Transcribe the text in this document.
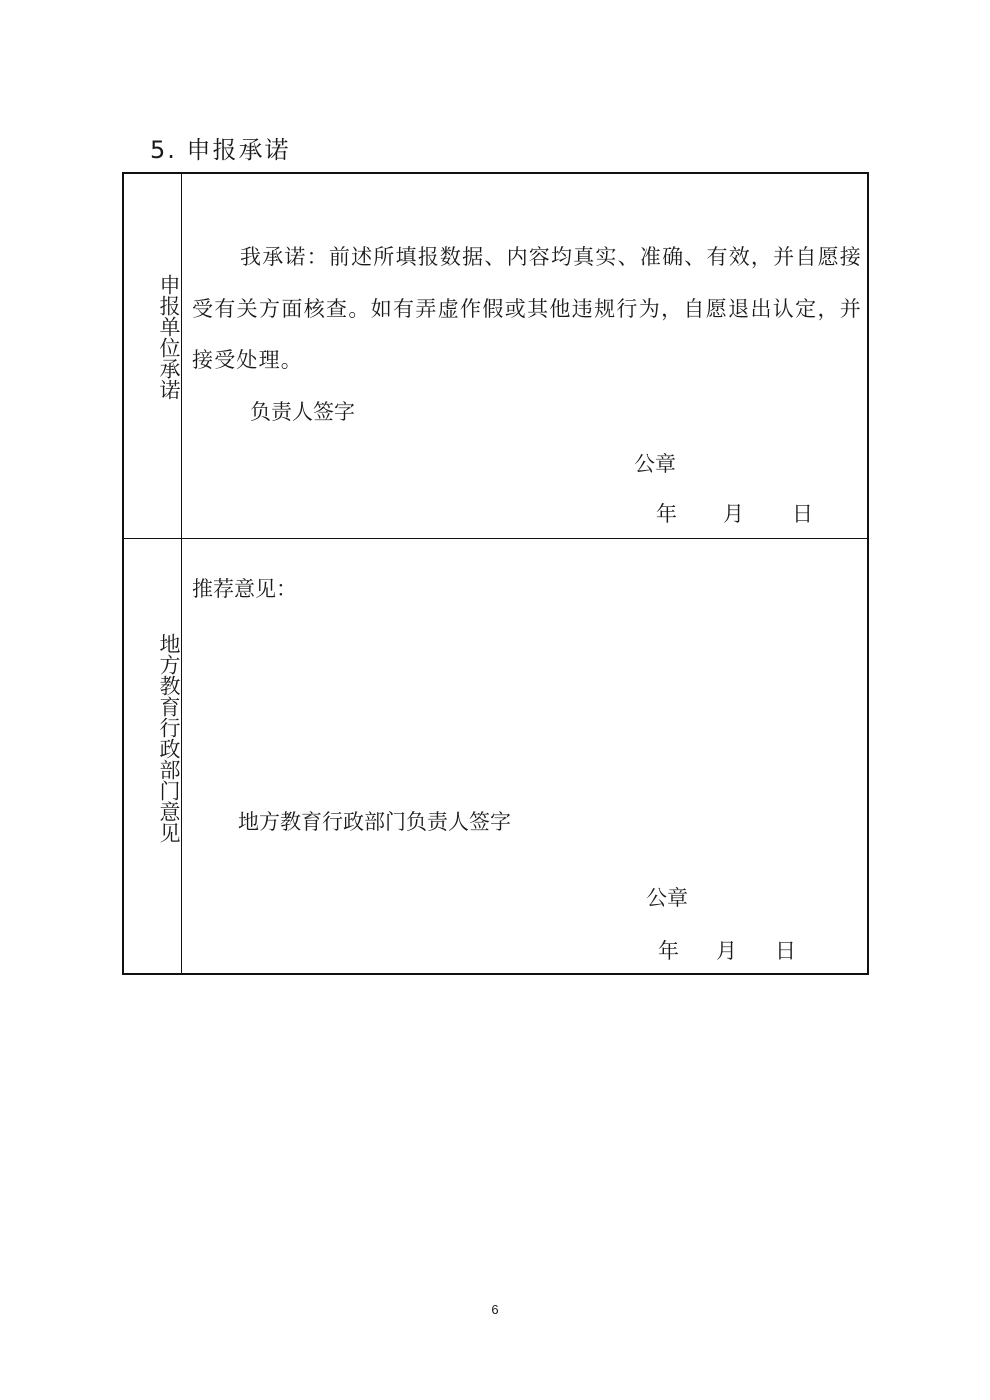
5. 申报承诺
申报单位承诺

我承诺：前述所填报数据、内容均真实、准确、有效，并自愿接受有关方面核查。如有弄虚作假或其他违规行为，自愿退出认定，并接受处理。

负责人签字

公章

年 月 日

地方教育行政部门意见

推荐意见：

地方教育行政部门负责人签字

公章

年 月 日

6
